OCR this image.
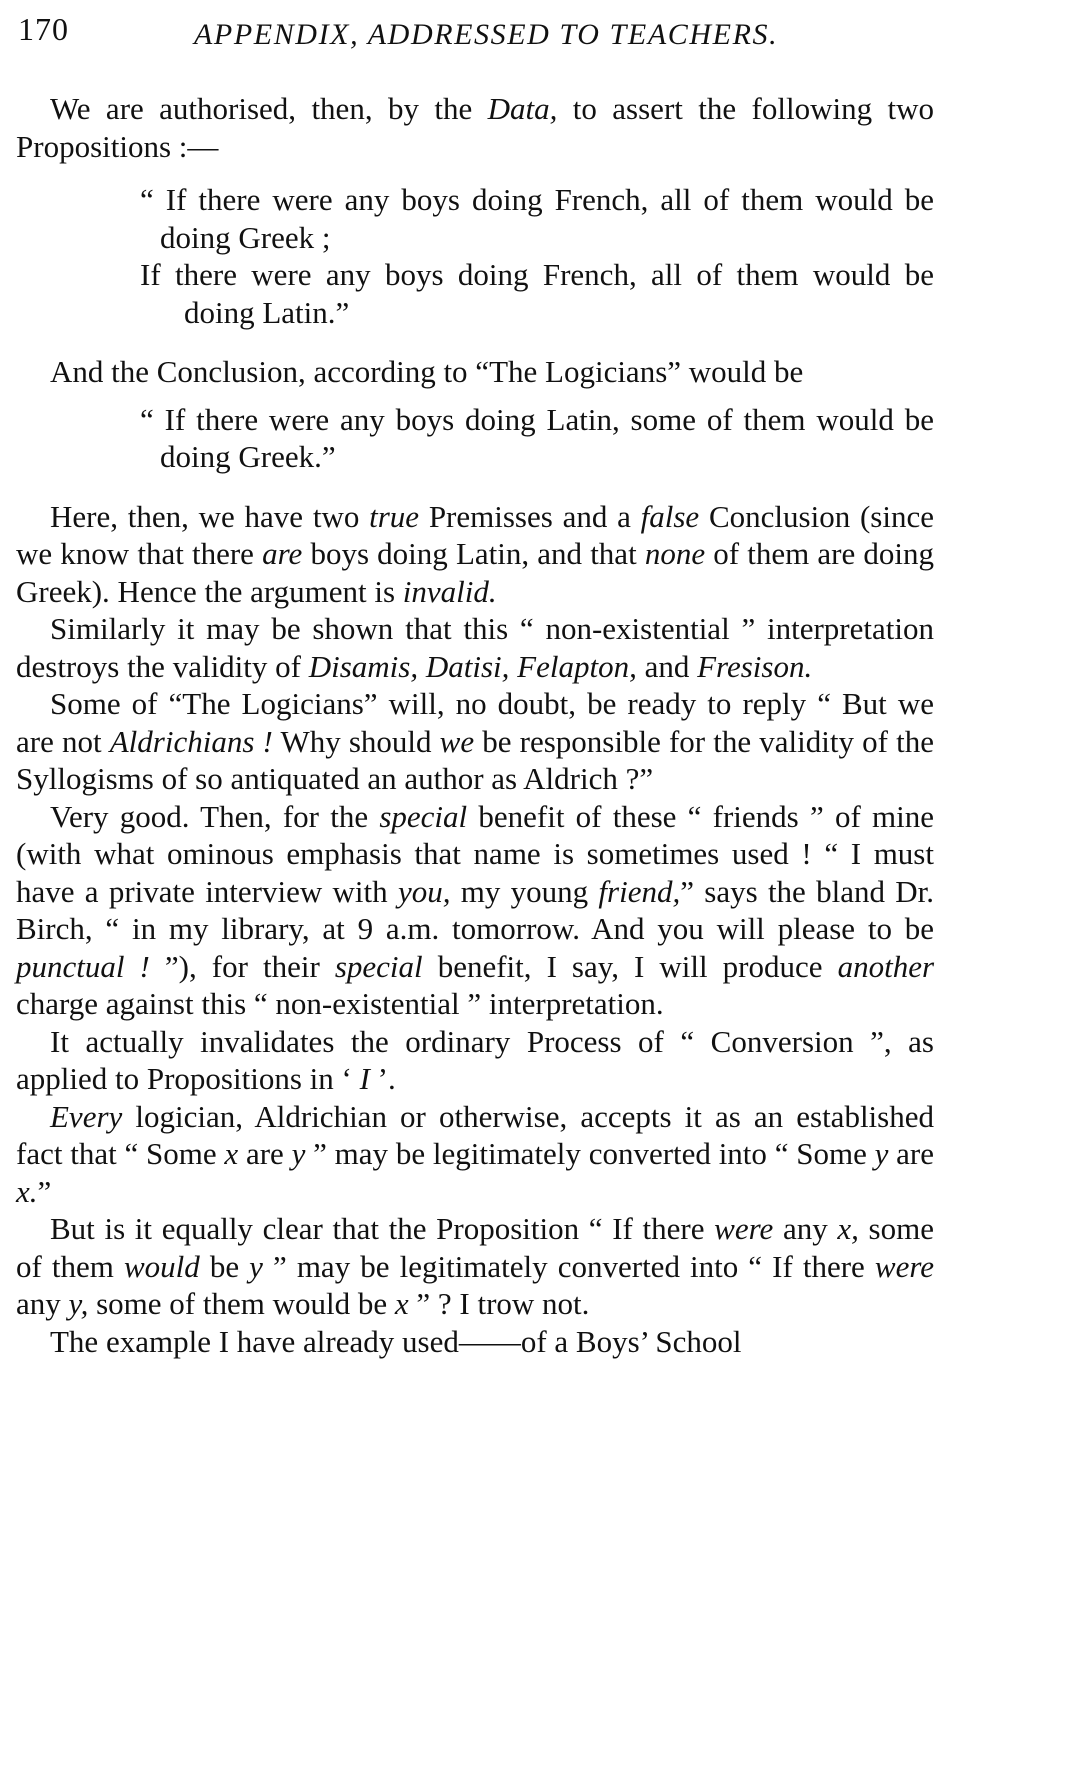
170	APPENDIX, ADDRESSED TO TEACHERS.

We are authorised, then, by the Data, to assert the following two Propositions :—

“ If there were any boys doing French, all of them would be doing Greek ;

If there were any boys doing French, all of them would be doing Latin.”

And the Conclusion, according to “The Logicians” would be

“ If there were any boys doing Latin, some of them would be doing Greek.”

Here, then, we have two true Premisses and a false Conclusion (since we know that there are boys doing Latin, and that none of them are doing Greek). Hence the argument is invalid.

Similarly it may be shown that this “ non-existential ” interpretation destroys the validity of Disamis, Datisi, Felapton, and Fresison.

Some of “The Logicians” will, no doubt, be ready to reply “ But we are not Aldrichians ! Why should we be responsible for the validity of the Syllogisms of so antiquated an author as Aldrich ?”

Very good. Then, for the special benefit of these “ friends ” of mine (with what ominous emphasis that name is sometimes used ! “ I must have a private interview with you, my young friend,” says the bland Dr. Birch, “ in my library, at 9 a.m. tomorrow. And you will please to be punctual ! ”), for their special benefit, I say, I will produce another charge against this “ non-existential ” interpretation.

It actually invalidates the ordinary Process of “ Conversion ”, as applied to Propositions in ‘ I ’.

Every logician, Aldrichian or otherwise, accepts it as an established fact that “ Some x are y ” may be legitimately converted into “ Some y are x.”

But is it equally clear that the Proposition “ If there were any x, some of them would be y ” may be legitimately converted into “ If there were any y, some of them would be x ” ? I trow not.

The example I have already used——of a Boys’ School
